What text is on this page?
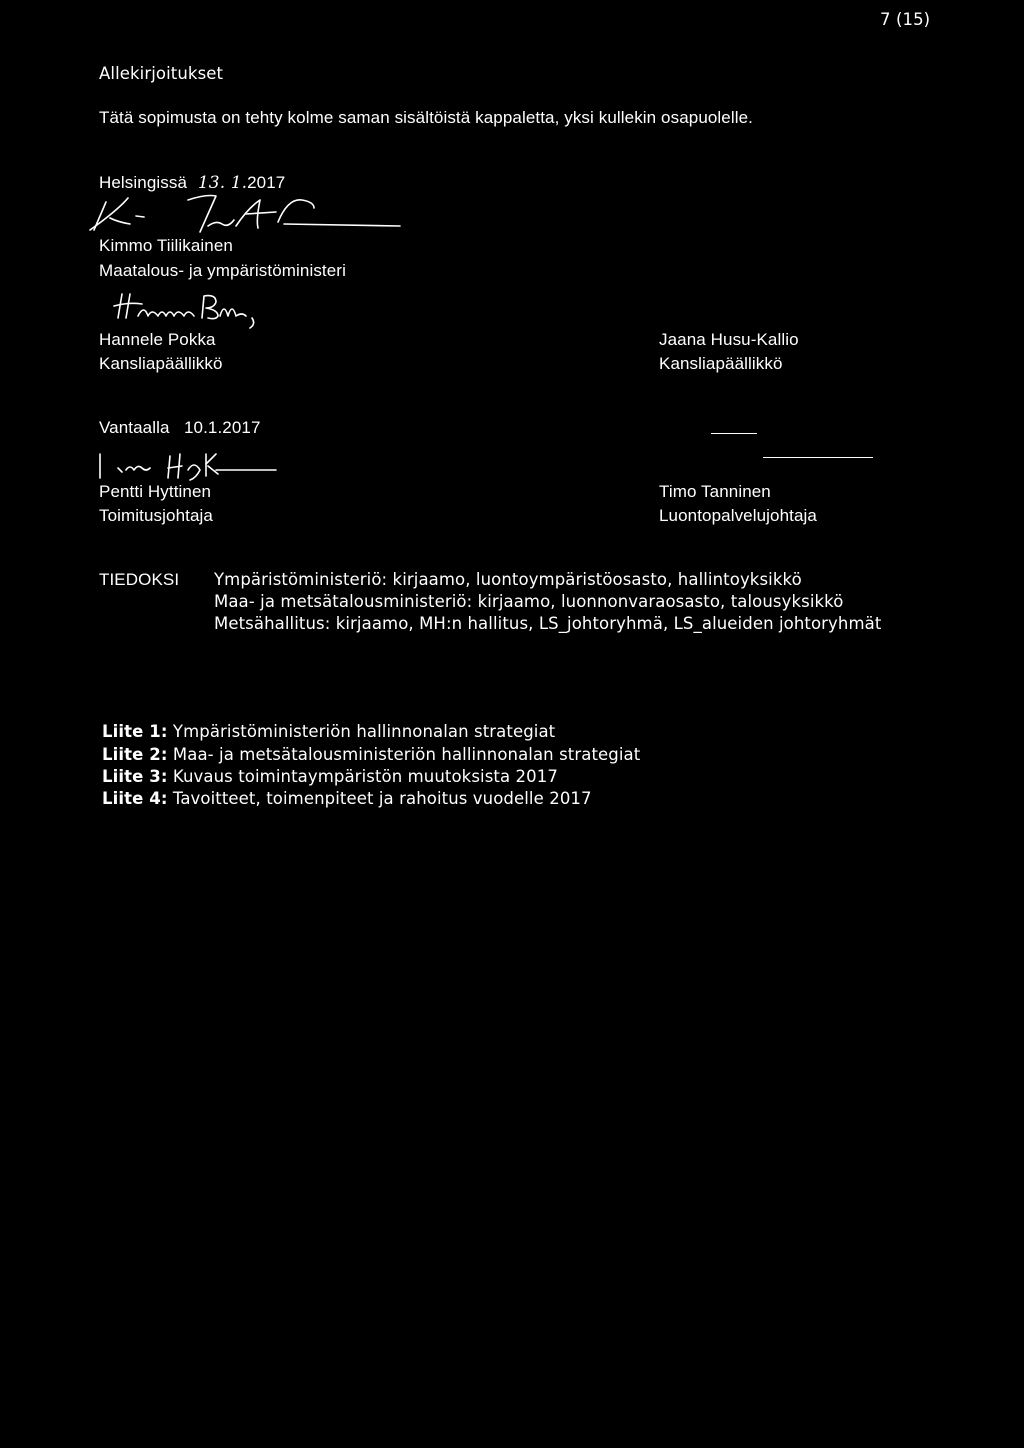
7 (15)
Allekirjoitukset
Tätä sopimusta on tehty kolme saman sisältöistä kappaletta, yksi kullekin osapuolelle.
Helsingissä 13. 1.2017
Kimmo Tiilikainen
Maatalous- ja ympäristöministeri
Hannele Pokka
Kansliapäällikkö
Jaana Husu-Kallio
Kansliapäällikkö
Vantaalla   10.1.2017
Pentti Hyttinen
Toimitusjohtaja
Timo Tanninen
Luontopalvelujohtaja
TIEDOKSI Ympäristöministeriö: kirjaamo, luontoympäristöosasto, hallintoyksikkö
Maa- ja metsätalousministeriö: kirjaamo, luonnonvaraosasto, talousyksikkö
Metsähallitus: kirjaamo, MH:n hallitus, LS_johtoryhmä, LS_alueiden johtoryhmät
Liite 1: Ympäristöministeriön hallinnonalan strategiat
Liite 2: Maa- ja metsätalousministeriön hallinnonalan strategiat
Liite 3: Kuvaus toimintaympäristön muutoksista 2017
Liite 4: Tavoitteet, toimenpiteet ja rahoitus vuodelle 2017
